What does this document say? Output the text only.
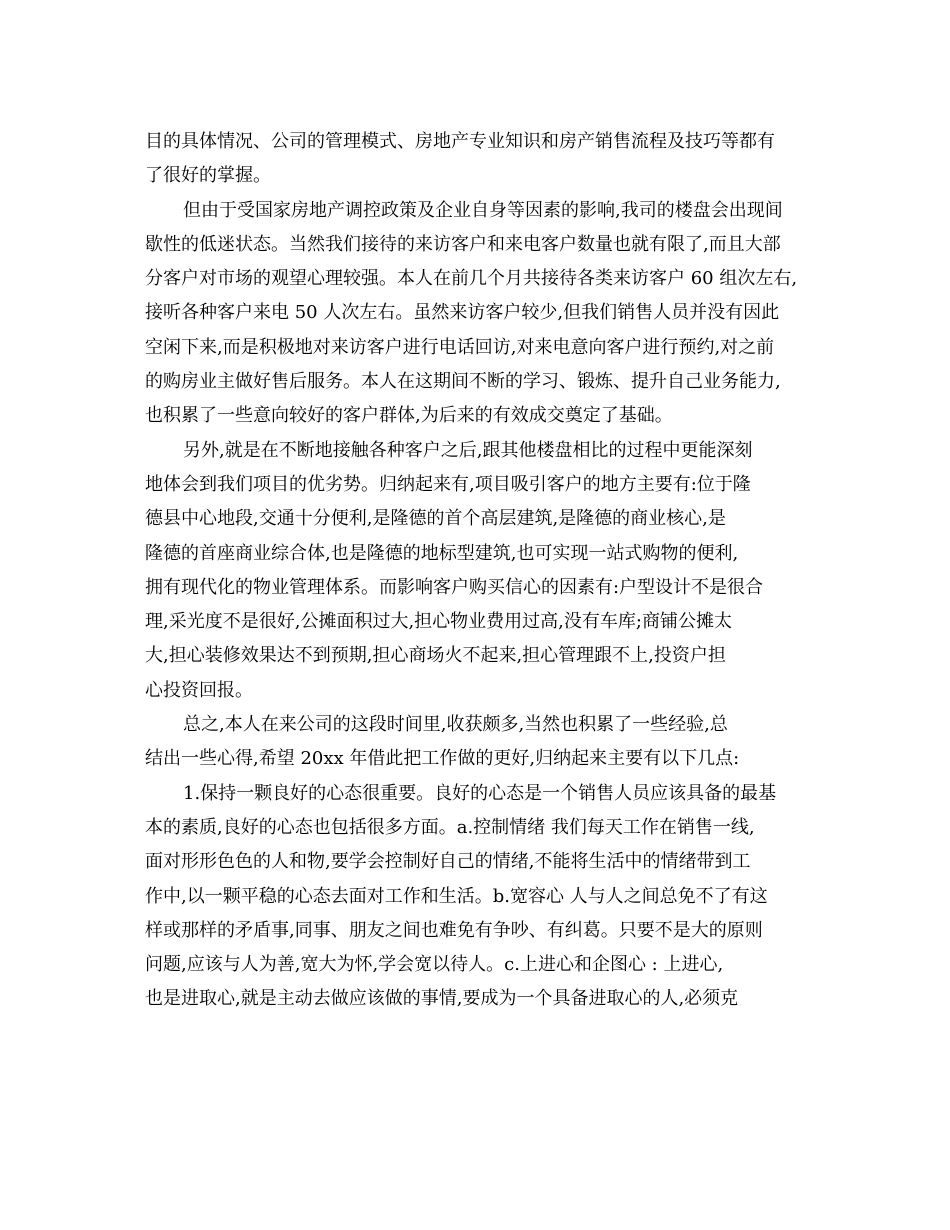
目的具体情况、公司的管理模式、房地产专业知识和房产销售流程及技巧等都有
了很好的掌握。
但由于受国家房地产调控政策及企业自身等因素的影响,我司的楼盘会出现间
歇性的低迷状态。当然我们接待的来访客户和来电客户数量也就有限了,而且大部
分客户对市场的观望心理较强。本人在前几个月共接待各类来访客户 60 组次左右,
接听各种客户来电 50 人次左右。虽然来访客户较少,但我们销售人员并没有因此
空闲下来,而是积极地对来访客户进行电话回访,对来电意向客户进行预约,对之前
的购房业主做好售后服务。本人在这期间不断的学习、锻炼、提升自己业务能力,
也积累了一些意向较好的客户群体,为后来的有效成交奠定了基础。
另外,就是在不断地接触各种客户之后,跟其他楼盘相比的过程中更能深刻
地体会到我们项目的优劣势。归纳起来有,项目吸引客户的地方主要有:位于隆
德县中心地段,交通十分便利,是隆德的首个高层建筑,是隆德的商业核心,是
隆德的首座商业综合体,也是隆德的地标型建筑,也可实现一站式购物的便利,
拥有现代化的物业管理体系。而影响客户购买信心的因素有:户型设计不是很合
理,采光度不是很好,公摊面积过大,担心物业费用过高,没有车库;商铺公摊太
大,担心装修效果达不到预期,担心商场火不起来,担心管理跟不上,投资户担
心投资回报。
总之,本人在来公司的这段时间里,收获颇多,当然也积累了一些经验,总
结出一些心得,希望 20xx 年借此把工作做的更好,归纳起来主要有以下几点:
1.保持一颗良好的心态很重要。良好的心态是一个销售人员应该具备的最基
本的素质,良好的心态也包括很多方面。a.控制情绪 我们每天工作在销售一线,
面对形形色色的人和物,要学会控制好自己的情绪,不能将生活中的情绪带到工
作中,以一颗平稳的心态去面对工作和生活。b.宽容心 人与人之间总免不了有这
样或那样的矛盾事,同事、朋友之间也难免有争吵、有纠葛。只要不是大的原则
问题,应该与人为善,宽大为怀,学会宽以待人。c.上进心和企图心 : 上进心,
也是进取心,就是主动去做应该做的事情,要成为一个具备进取心的人,必须克
